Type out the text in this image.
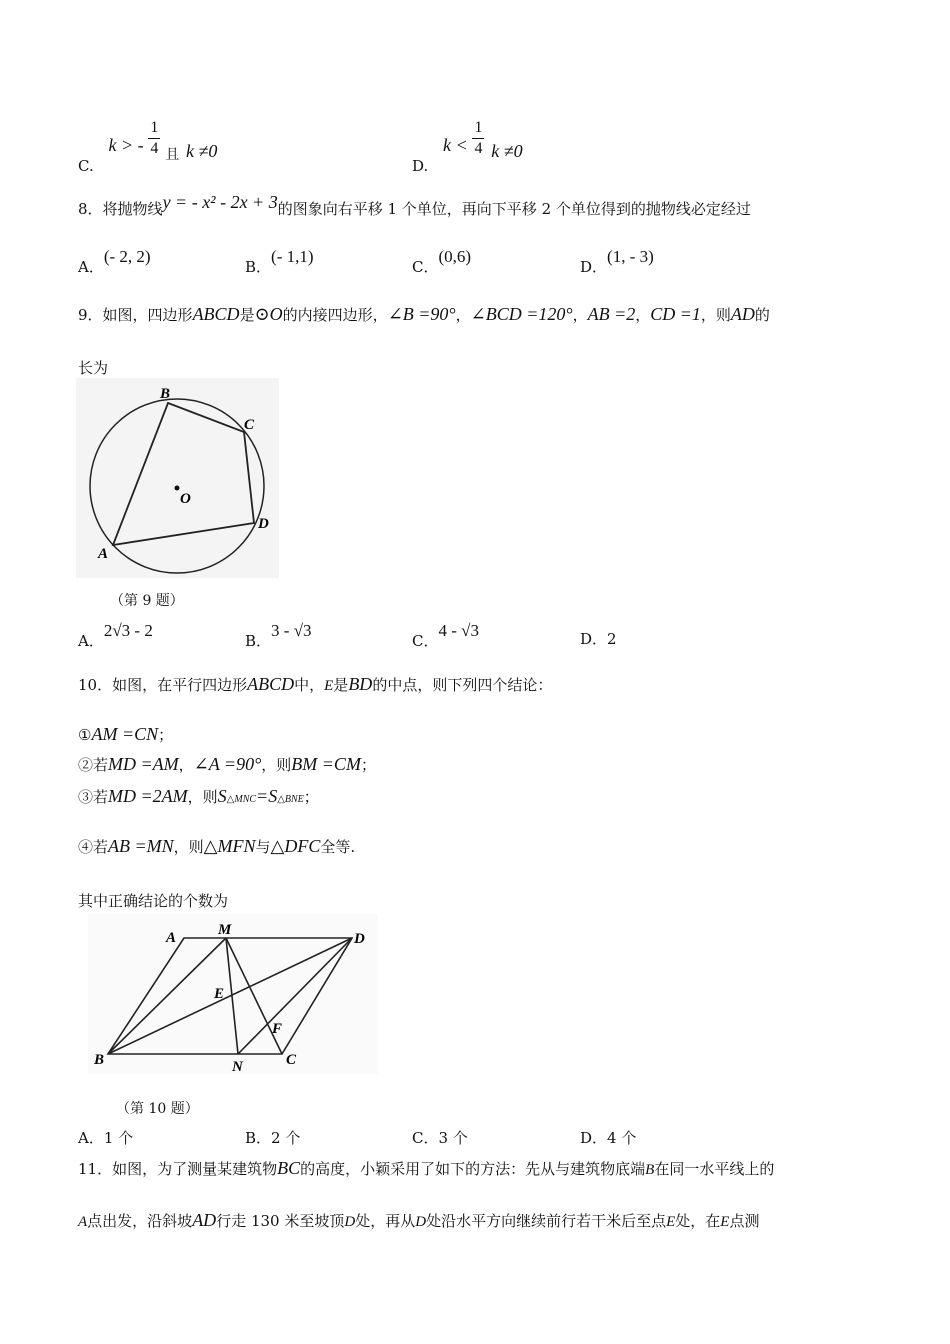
C. k > - $\frac{1}{4}$ 且 k ≠0
D. $k < \frac{1}{4}$ k ≠0
8．将抛物线y = - x² - 2x + 3的图象向右平移 1 个单位，再向下平移 2 个单位得到的抛物线必定经过
A．(- 2, 2)
B．(- 1,1)
C．(0,6)
D．(1, - 3)
9．如图，四边形ABCD是⊙O的内接四边形，∠B =90°，∠BCD =120°，AB =2，CD =1，则AD的
长为
B
C
O
D
A
（第 9 题）
A．2√3 - 2
B．3 - √3
C．4 - √3	D．2
10．如图，在平行四边形ABCD中，E是BD的中点，则下列四个结论：
①AM =CN；
②若MD =AM，∠A =90°，则BM =CM；
③若MD =2AM，则S△MNC=S△BNE；
④若AB =MN，则△MFN与△DFC全等.
其中正确结论的个数为
A	M
D
E
F
B	N	C
（第 10 题）
A．1 个	B．2 个	C．3 个	D．4 个
11．如图，为了测量某建筑物BC的高度，小颖采用了如下的方法：先从与建筑物底端B在同一水平线上的
A点出发，沿斜坡AD行走 130 米至坡顶D处，再从D处沿水平方向继续前行若干米后至点E处，在E点测
